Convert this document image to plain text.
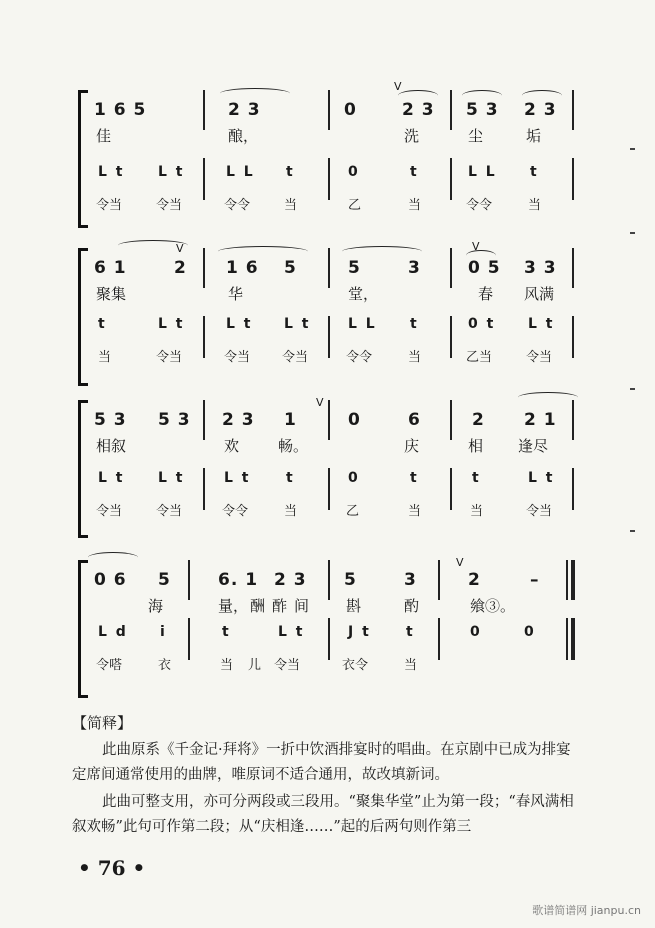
V
1 6 5	2 3	0	2 3 5 3 2 3
佳	酿，	洗	尘	垢
L t L t	L L t	0	t	L L t
令当	令当	令令	当	乙	当	令令	当
V	V
6 1	2 1 6 5	5	3	0 5 3 3
聚集	华	堂，	春 风满
t	L t	L t L t	L L t	0 t L t
当	令当	令当 令当	令令	当	乙当	令当
V
5 3 5 3 2 3 1	0	6	2 2 1
相叙	欢	畅。	庆	相 逢尽
L t L t	L t	t	0	t	t	L t
令当	令当	令令	当	乙	当	当	令当
V
0 6 5	6. 1 2 3 5	3	2	–
海	量， 酬 酢 间 斟	酌	飨③。
L d i	t	L t	J t	t	0	0
令嗒	衣	当 儿 令当	衣令	当
【简释】
此曲原系《千金记·拜将》一折中饮酒排宴时的唱曲。在京剧中已成为排宴定席间通常使用的曲牌，唯原词不适合通用，故改填新词。
此曲可整支用，亦可分两段或三段用。“聚集华堂”止为第一段；“春风满相叙欢畅”此句可作第二段；从“庆相逢……”起的后两句则作第三
• 76 •
歌谱简谱网 jianpu.cn
